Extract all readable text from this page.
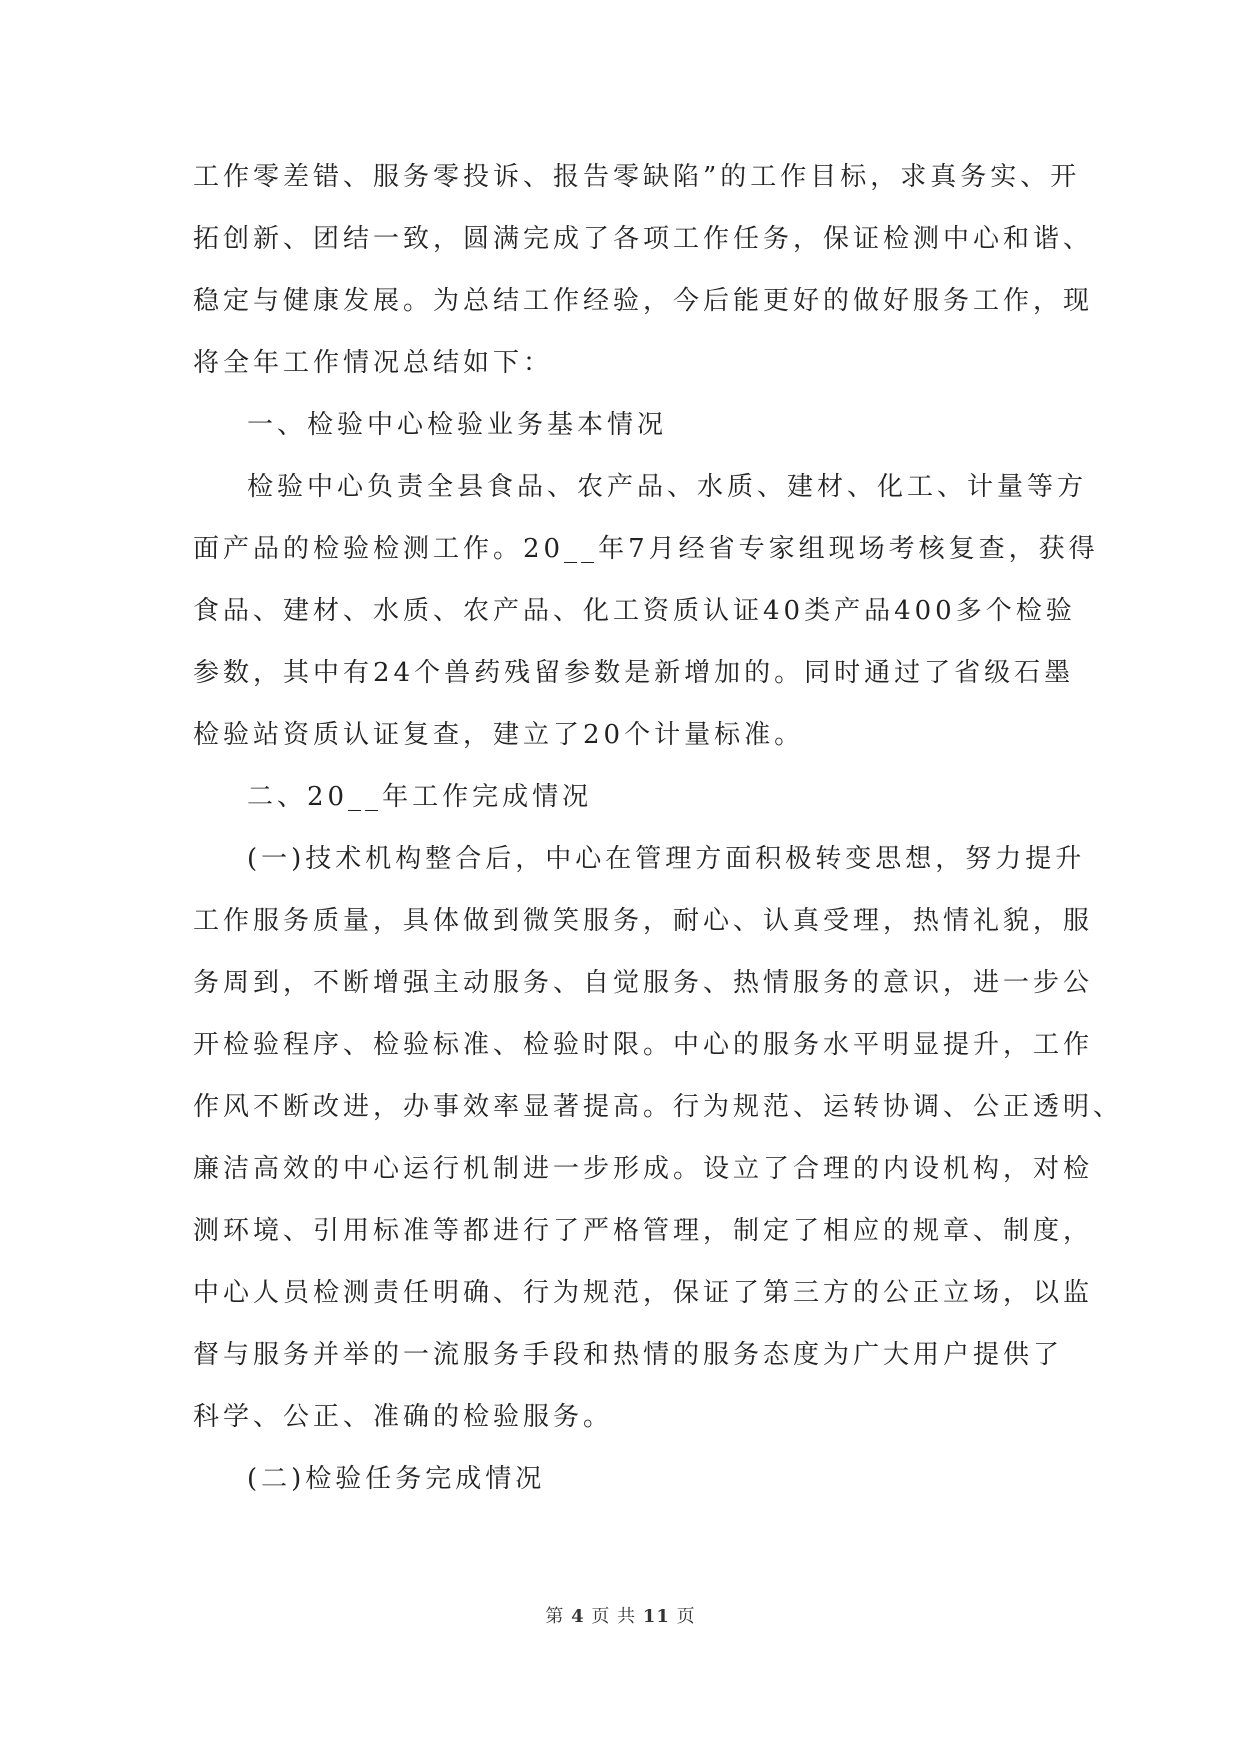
工作零差错、服务零投诉、报告零缺陷”的工作目标，求真务实、开
拓创新、团结一致，圆满完成了各项工作任务，保证检测中心和谐、
稳定与健康发展。为总结工作经验，今后能更好的做好服务工作，现
将全年工作情况总结如下：
一、检验中心检验业务基本情况
检验中心负责全县食品、农产品、水质、建材、化工、计量等方
面产品的检验检测工作。20__年7月经省专家组现场考核复查，获得
食品、建材、水质、农产品、化工资质认证40类产品400多个检验
参数，其中有24个兽药残留参数是新增加的。同时通过了省级石墨
检验站资质认证复查，建立了20个计量标准。
二、20__年工作完成情况
(一)技术机构整合后，中心在管理方面积极转变思想，努力提升
工作服务质量，具体做到微笑服务，耐心、认真受理，热情礼貌，服
务周到，不断增强主动服务、自觉服务、热情服务的意识，进一步公
开检验程序、检验标准、检验时限。中心的服务水平明显提升，工作
作风不断改进，办事效率显著提高。行为规范、运转协调、公正透明、
廉洁高效的中心运行机制进一步形成。设立了合理的内设机构，对检
测环境、引用标准等都进行了严格管理，制定了相应的规章、制度，
中心人员检测责任明确、行为规范，保证了第三方的公正立场，以监
督与服务并举的一流服务手段和热情的服务态度为广大用户提供了
科学、公正、准确的检验服务。
(二)检验任务完成情况
第 4 页 共 11 页
